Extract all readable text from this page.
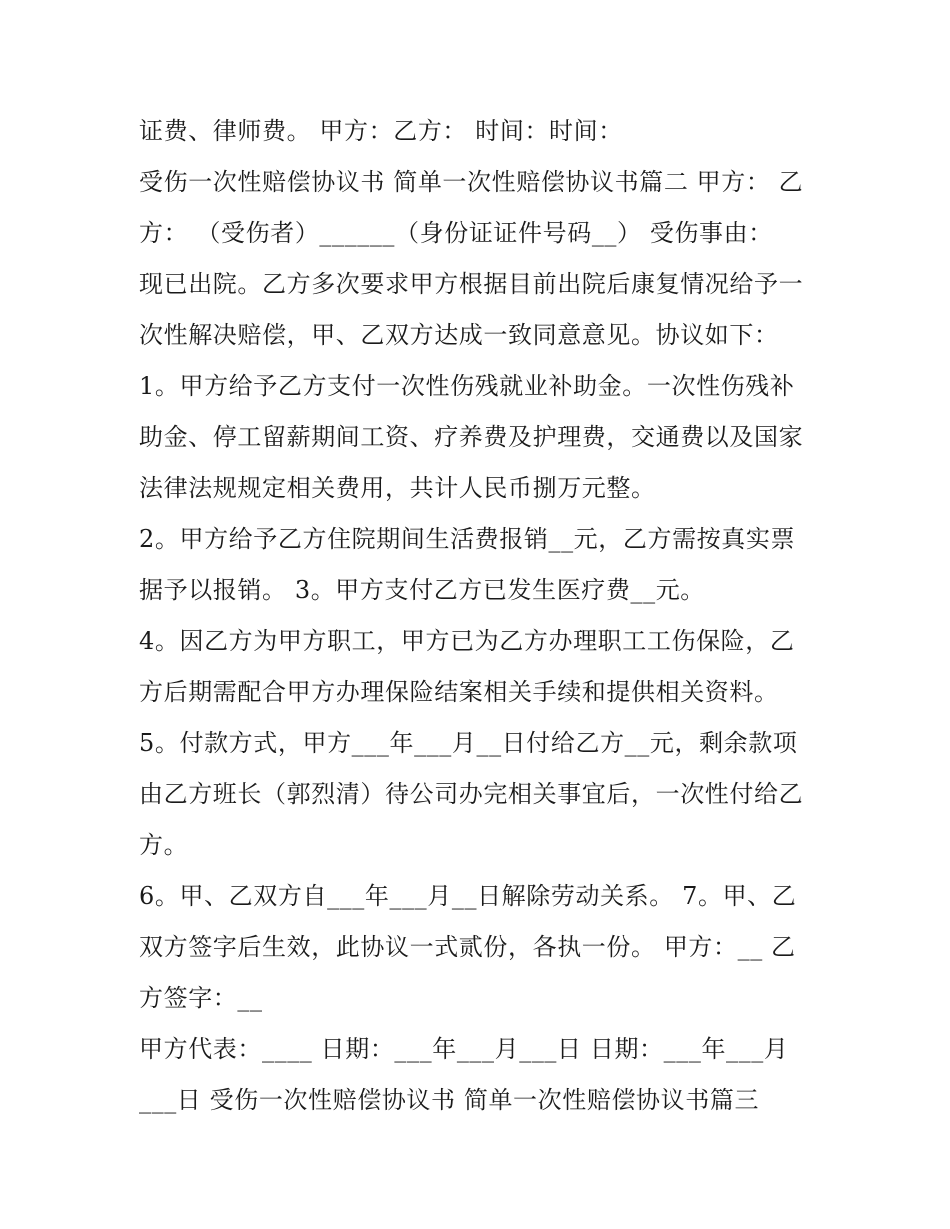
证费、律师费。 甲方：乙方： 时间：时间：

受伤一次性赔偿协议书 简单一次性赔偿协议书篇二 甲方： 乙方： （受伤者）______（身份证证件号码__） 受伤事由：

现已出院。乙方多次要求甲方根据目前出院后康复情况给予一次性解决赔偿，甲、乙双方达成一致同意意见。协议如下：

1。甲方给予乙方支付一次性伤残就业补助金。一次性伤残补助金、停工留薪期间工资、疗养费及护理费，交通费以及国家法律法规规定相关费用，共计人民币捌万元整。

2。甲方给予乙方住院期间生活费报销__元，乙方需按真实票据予以报销。 3。甲方支付乙方已发生医疗费__元。

4。因乙方为甲方职工，甲方已为乙方办理职工工伤保险，乙方后期需配合甲方办理保险结案相关手续和提供相关资料。

5。付款方式，甲方___年___月__日付给乙方__元，剩余款项由乙方班长（郭烈清）待公司办完相关事宜后，一次性付给乙方。

6。甲、乙双方自___年___月__日解除劳动关系。 7。甲、乙双方签字后生效，此协议一式贰份，各执一份。 甲方：__ 乙方签字：__

甲方代表：____ 日期：___年___月___日 日期：___年___月___日 受伤一次性赔偿协议书 简单一次性赔偿协议书篇三
